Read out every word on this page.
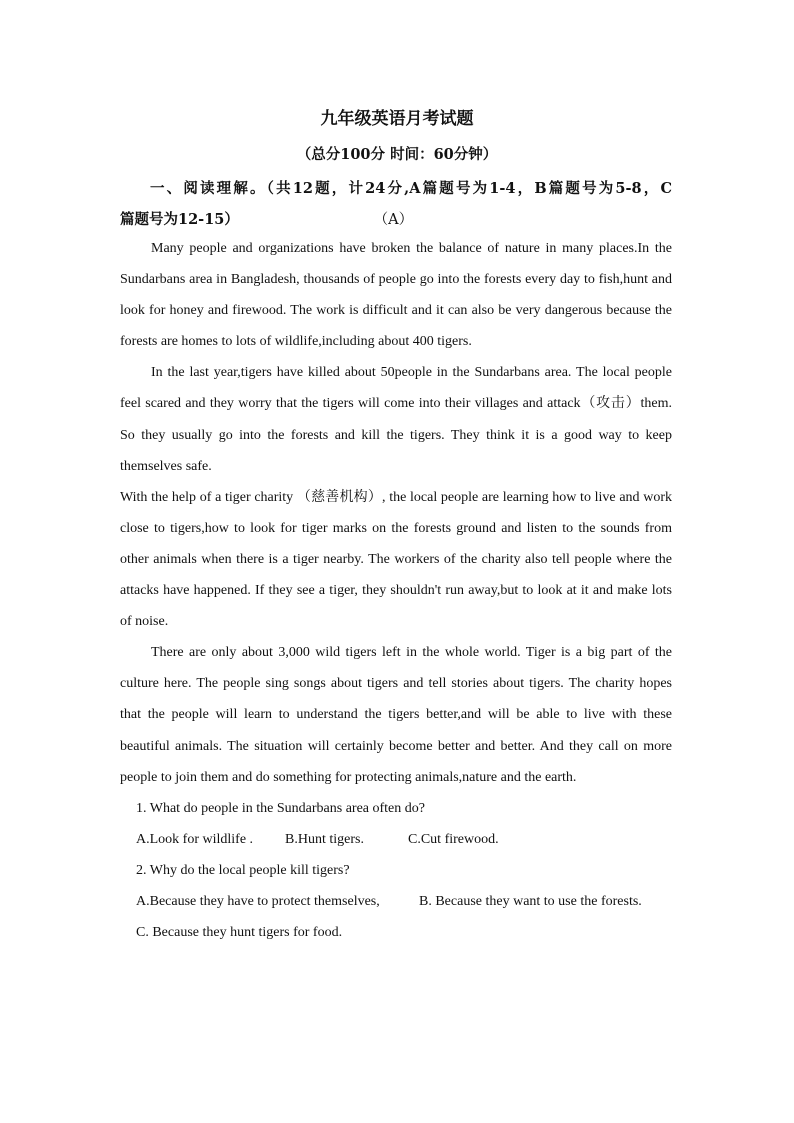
九年级英语月考试题
（总分100分 时间：60分钟）
一、阅读理解。（共12题，计24分,A篇题号为1-4，B篇题号为5-8，C
篇题号为12-15）	（A）

Many people and organizations have broken the balance of nature in many places.In the Sundarbans area in Bangladesh, thousands of people go into the forests every day to fish,hunt and look for honey and firewood. The work is difficult and it can also be very dangerous because the forests are homes to lots of wildlife,including about 400 tigers.

In the last year,tigers have killed about 50people in the Sundarbans area. The local people feel scared and they worry that the tigers will come into their villages and attack（攻击）them. So they usually go into the forests and kill the tigers. They think it is a good way to keep themselves safe.

With the help of a tiger charity （慈善机构）, the local people are learning how to live and work close to tigers,how to look for tiger marks on the forests ground and listen to the sounds from other animals when there is a tiger nearby. The workers of the charity also tell people where the attacks have happened. If they see a tiger, they shouldn't run away,but to look at it and make lots of noise.

There are only about 3,000 wild tigers left in the whole world. Tiger is a big part of the culture here. The people sing songs about tigers and tell stories about tigers. The charity hopes that the people will learn to understand the tigers better,and will be able to live with these beautiful animals. The situation will certainly become better and better. And they call on more people to join them and do something for protecting animals,nature and the earth.

1. What do people in the Sundarbans area often do?

A.Look for wildlife . B.Hunt tigers.	C.Cut firewood.

2. Why do the local people kill tigers?

A.Because they have to protect themselves,	B. Because they want to use the forests.

C. Because they hunt tigers for food.
